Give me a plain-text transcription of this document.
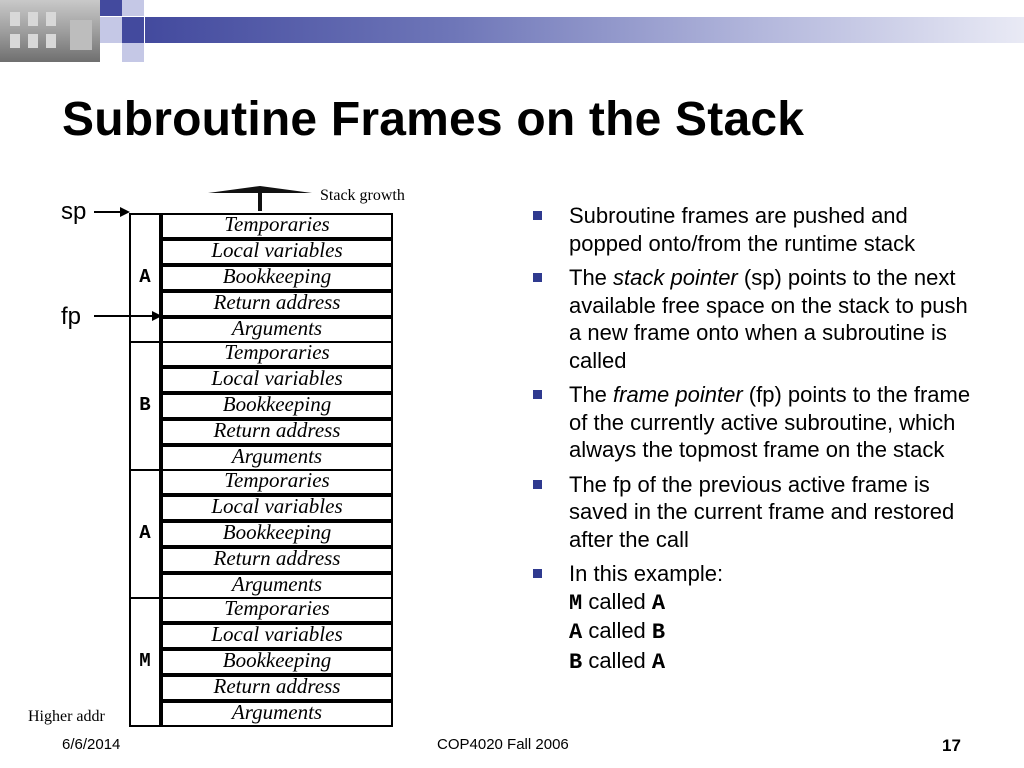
Subroutine Frames on the Stack
Stack growth
sp
fp
A
Temporaries
Local variables
Bookkeeping
Return address
Arguments
B
Temporaries
Local variables
Bookkeeping
Return address
Arguments
A
Temporaries
Local variables
Bookkeeping
Return address
Arguments
M
Temporaries
Local variables
Bookkeeping
Return address
Arguments
Higher addr
Subroutine frames are pushed and popped onto/from the runtime stack
The stack pointer (sp) points to the next available free space on the stack to push a new frame onto when a subroutine is called
The frame pointer (fp) points to the frame of the currently active subroutine, which always the topmost frame on the stack
The fp of the previous active frame is saved in the current frame and restored after the call
In this example:
M called A
A called B
B called A
6/6/2014	COP4020 Fall 2006	17
